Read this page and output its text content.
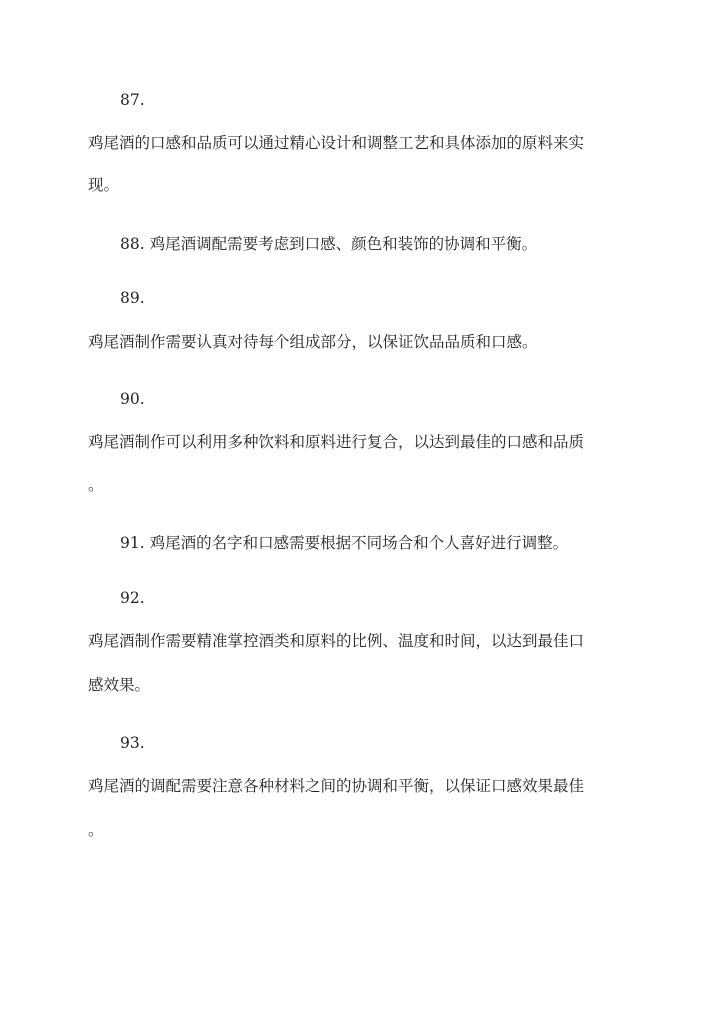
87.
鸡尾酒的口感和品质可以通过精心设计和调整工艺和具体添加的原料来实
现。
88. 鸡尾酒调配需要考虑到口感、颜色和装饰的协调和平衡。
89.
鸡尾酒制作需要认真对待每个组成部分，以保证饮品品质和口感。
90.
鸡尾酒制作可以利用多种饮料和原料进行复合，以达到最佳的口感和品质
。
91. 鸡尾酒的名字和口感需要根据不同场合和个人喜好进行调整。
92.
鸡尾酒制作需要精准掌控酒类和原料的比例、温度和时间，以达到最佳口
感效果。
93.
鸡尾酒的调配需要注意各种材料之间的协调和平衡，以保证口感效果最佳
。
